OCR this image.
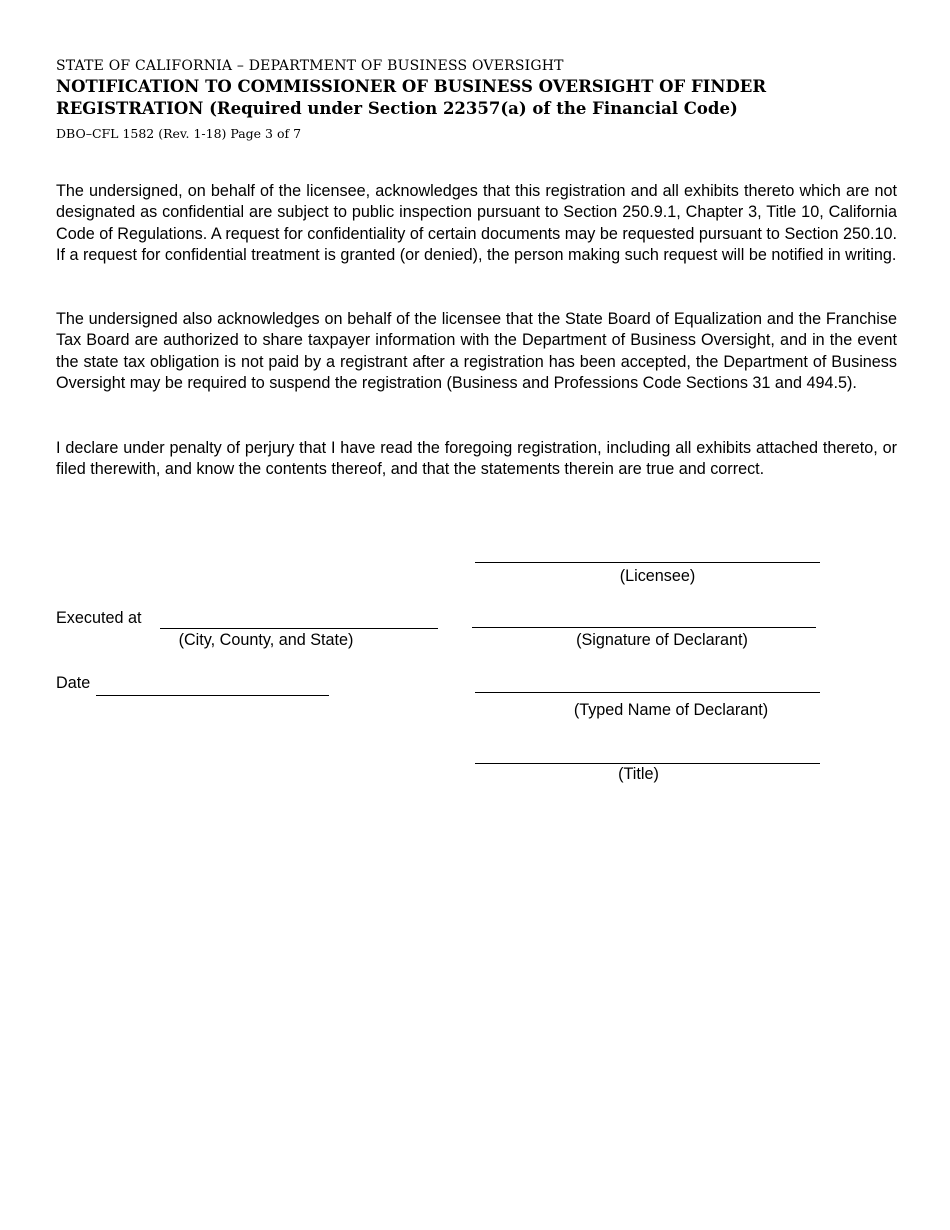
STATE OF CALIFORNIA – DEPARTMENT OF BUSINESS OVERSIGHT
NOTIFICATION TO COMMISSIONER OF BUSINESS OVERSIGHT OF FINDER
REGISTRATION (Required under Section 22357(a) of the Financial Code)
DBO–CFL 1582 (Rev. 1-18) Page 3 of 7

The undersigned, on behalf of the licensee, acknowledges that this registration and all exhibits thereto which are not designated as confidential are subject to public inspection pursuant to Section 250.9.1, Chapter 3, Title 10, California Code of Regulations. A request for confidentiality of certain documents may be requested pursuant to Section 250.10. If a request for confidential treatment is granted (or denied), the person making such request will be notified in writing.

The undersigned also acknowledges on behalf of the licensee that the State Board of Equalization and the Franchise Tax Board are authorized to share taxpayer information with the Department of Business Oversight, and in the event the state tax obligation is not paid by a registrant after a registration has been accepted, the Department of Business Oversight may be required to suspend the registration (Business and Professions Code Sections 31 and 494.5).

I declare under penalty of perjury that I have read the foregoing registration, including all exhibits attached thereto, or filed therewith, and know the contents thereof, and that the statements therein are true and correct.

(Licensee)
Executed at
(City, County, and State)	(Signature of Declarant)
Date
(Typed Name of Declarant)
(Title)
